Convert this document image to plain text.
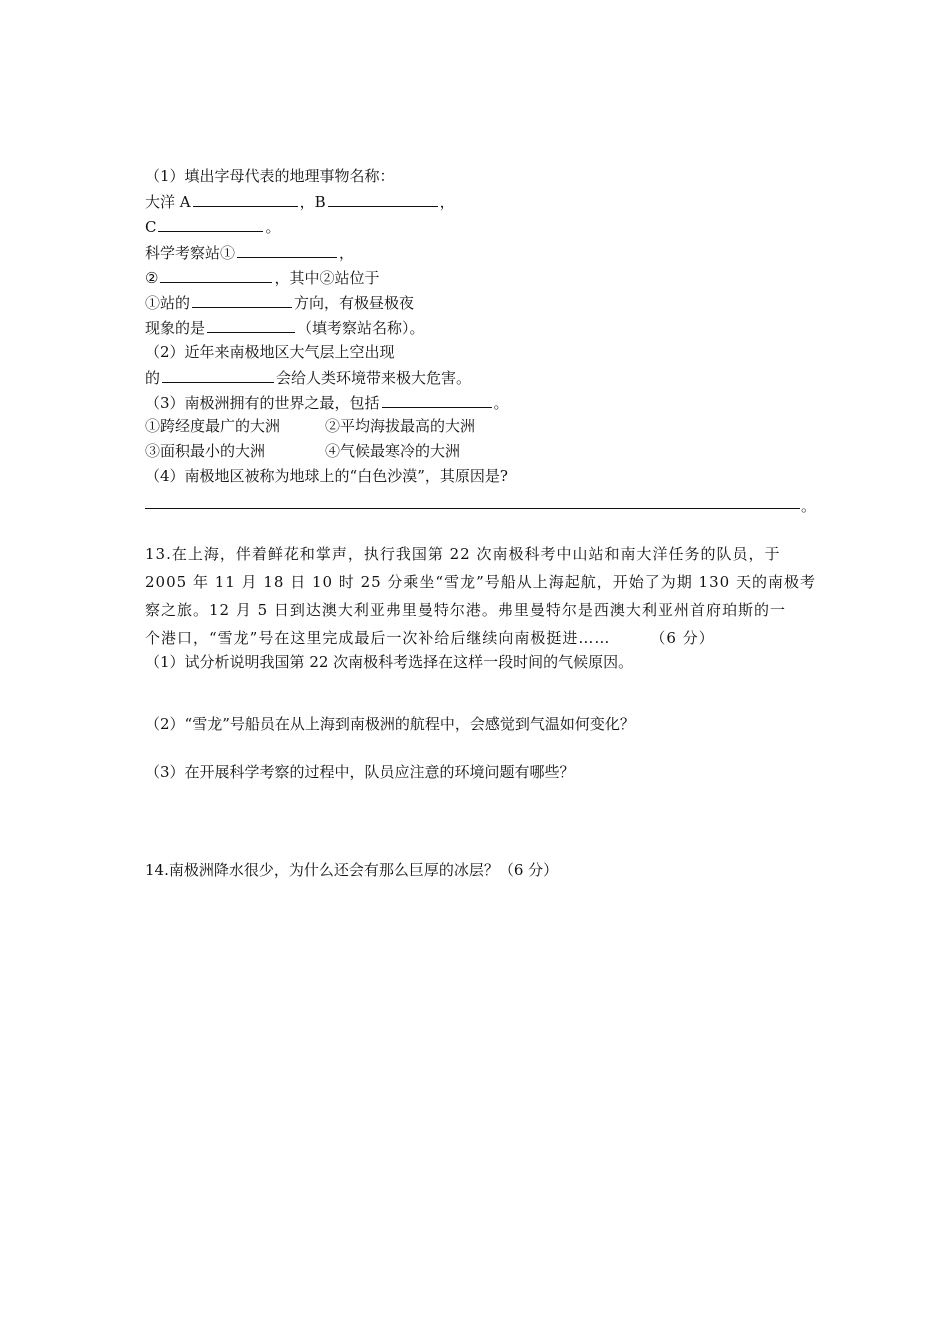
（1）填出字母代表的地理事物名称：
大洋 A	，B	，
C	。
科学考察站①	，
②	，其中②站位于
①站的	方向，有极昼极夜
现象的是	（填考察站名称）。
（2）近年来南极地区大气层上空出现
的	会给人类环境带来极大危害。
（3）南极洲拥有的世界之最，包括	。
①跨经度最广的大洲	②平均海拔最高的大洲
③面积最小的大洲	④气候最寒冷的大洲
（4）南极地区被称为地球上的“白色沙漠”，其原因是?
。

13.在上海，伴着鲜花和掌声，执行我国第 22 次南极科考中山站和南大洋任务的队员，于

2005 年 11 月 18 日 10 时 25 分乘坐“雪龙”号船从上海起航，开始了为期 130 天的南极考

察之旅。12 月 5 日到达澳大利亚弗里曼特尔港。弗里曼特尔是西澳大利亚州首府珀斯的一

个港口，“雪龙”号在这里完成最后一次补给后继续向南极挺进……	（6 分）

（1）试分析说明我国第 22 次南极科考选择在这样一段时间的气候原因。
（2）“雪龙”号船员在从上海到南极洲的航程中，会感觉到气温如何变化？
（3）在开展科学考察的过程中，队员应注意的环境问题有哪些？
14.南极洲降水很少，为什么还会有那么巨厚的冰层？（6 分）
